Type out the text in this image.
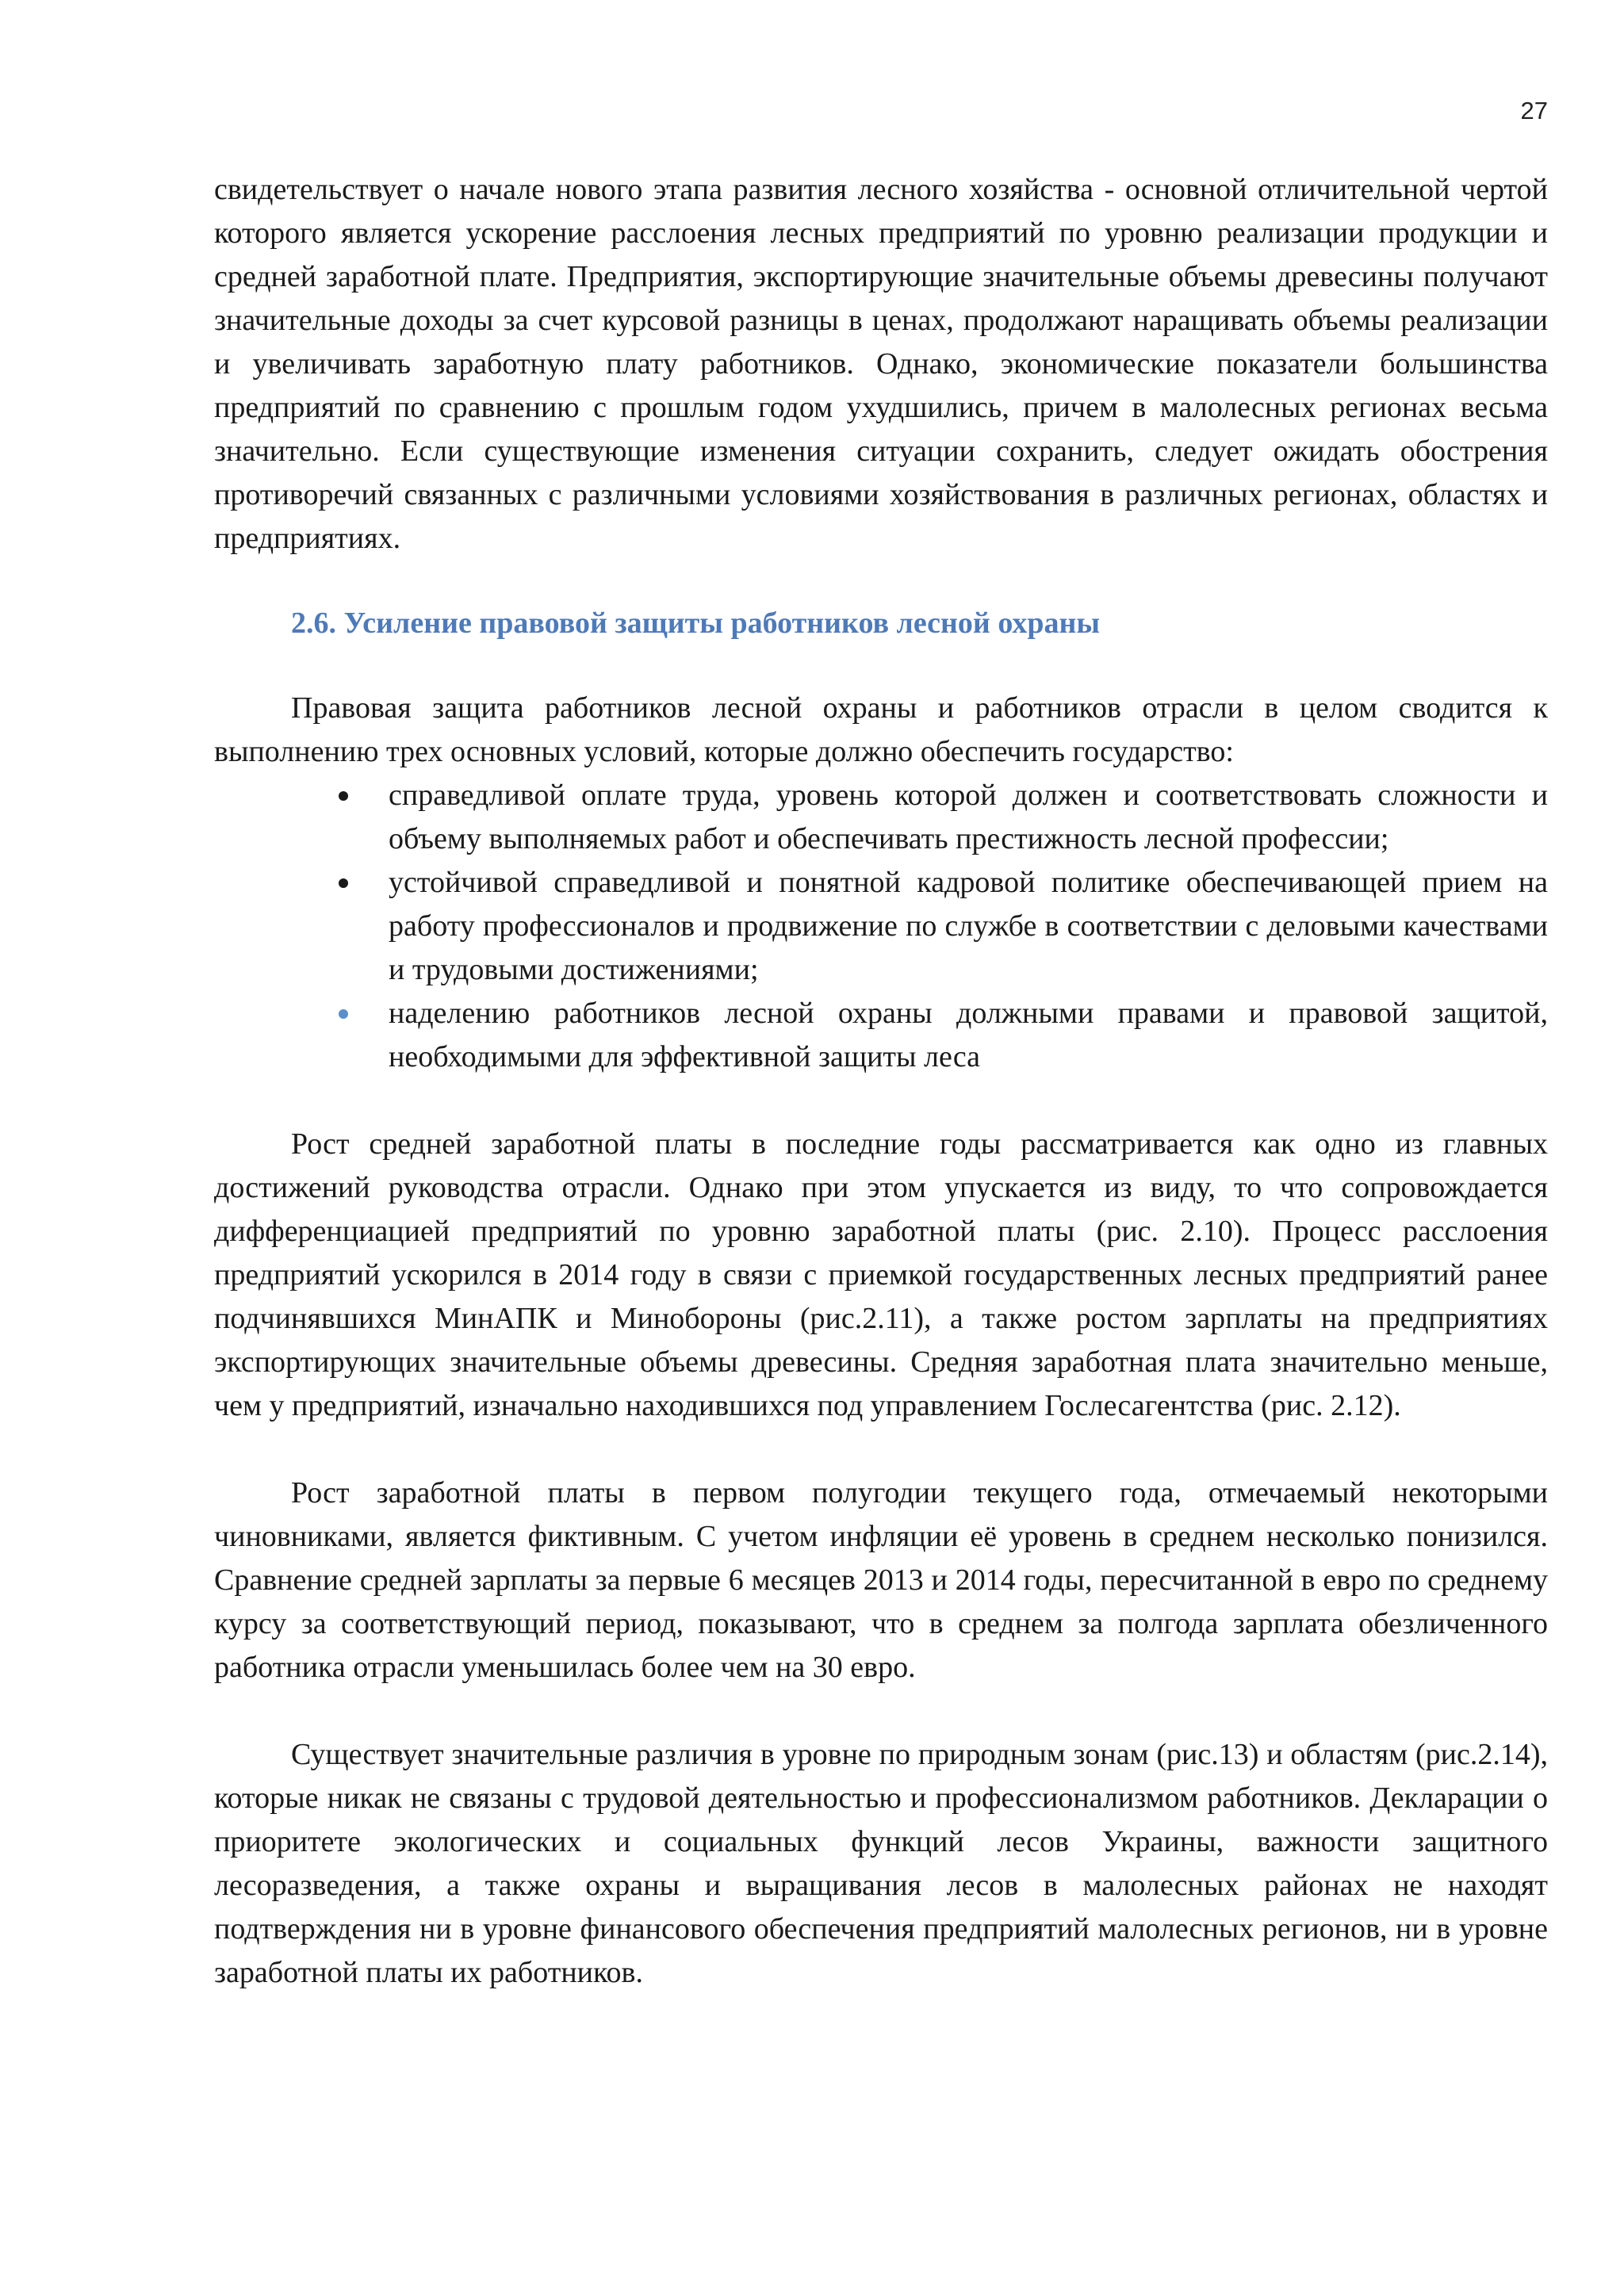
27

свидетельствует о начале нового этапа развития лесного хозяйства - основной отличительной чертой которого является ускорение расслоения лесных предприятий по уровню реализации продукции и средней заработной плате. Предприятия, экспортирующие значительные объемы древесины получают значительные доходы за счет курсовой разницы в ценах, продолжают наращивать объемы реализации и увеличивать заработную плату работников. Однако, экономические показатели большинства предприятий по сравнению с прошлым годом ухудшились, причем в малолесных регионах весьма значительно. Если существующие изменения ситуации сохранить, следует ожидать обострения противоречий связанных с различными условиями хозяйствования в различных регионах, областях и предприятиях.

2.6. Усиление правовой защиты работников лесной охраны

Правовая защита работников лесной охраны и работников отрасли в целом сводится к выполнению трех основных условий, которые должно обеспечить государство:

справедливой оплате труда, уровень которой должен и соответствовать сложности и объему выполняемых работ и обеспечивать престижность лесной профессии;
устойчивой справедливой и понятной кадровой политике обеспечивающей прием на работу профессионалов и продвижение по службе в соответствии с деловыми качествами и трудовыми достижениями;
наделению работников лесной охраны должными правами и правовой защитой, необходимыми для эффективной защиты леса

Рост средней заработной платы в последние годы рассматривается как одно из главных достижений руководства отрасли. Однако при этом упускается из виду, то что сопровождается дифференциацией предприятий по уровню заработной платы (рис. 2.10). Процесс расслоения предприятий ускорился в 2014 году в связи с приемкой государственных лесных предприятий ранее подчинявшихся МинАПК и Минобороны (рис.2.11), а также ростом зарплаты на предприятиях экспортирующих значительные объемы древесины. Средняя заработная плата значительно меньше, чем у предприятий, изначально находившихся под управлением Гослесагентства (рис. 2.12).

Рост заработной платы в первом полугодии текущего года, отмечаемый некоторыми чиновниками, является фиктивным. С учетом инфляции её уровень в среднем несколько понизился. Сравнение средней зарплаты за первые 6 месяцев 2013 и 2014 годы, пересчитанной в евро по среднему курсу за соответствующий период, показывают, что в среднем за полгода зарплата обезличенного работника отрасли уменьшилась более чем на 30 евро.

Существует значительные различия в уровне по природным зонам (рис.13) и областям (рис.2.14), которые никак не связаны с трудовой деятельностью и профессионализмом работников. Декларации о приоритете экологических и социальных функций лесов Украины, важности защитного лесоразведения, а также охраны и выращивания лесов в малолесных районах не находят подтверждения ни в уровне финансового обеспечения предприятий малолесных регионов, ни в уровне заработной платы их работников.
